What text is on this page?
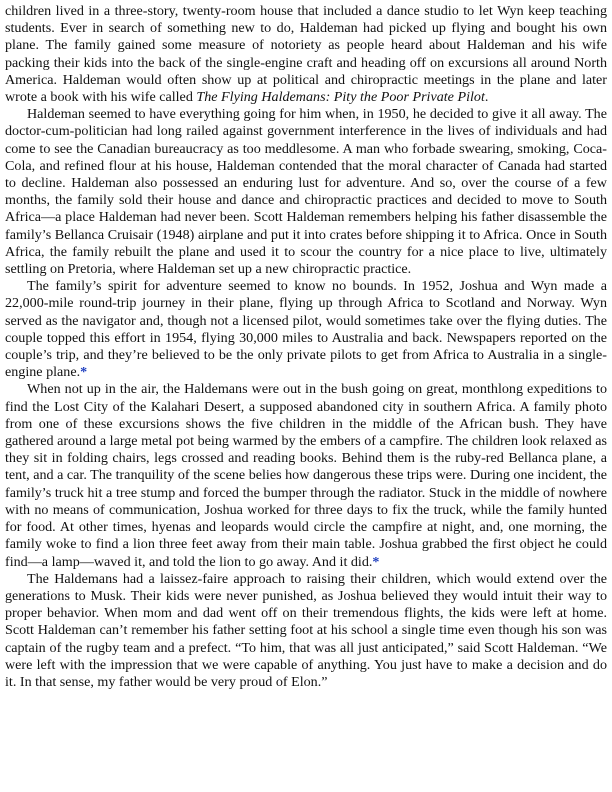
children lived in a three-story, twenty-room house that included a dance studio to let Wyn keep teaching students. Ever in search of something new to do, Haldeman had picked up flying and bought his own plane. The family gained some measure of notoriety as people heard about Haldeman and his wife packing their kids into the back of the single-engine craft and heading off on excursions all around North America. Haldeman would often show up at political and chiropractic meetings in the plane and later wrote a book with his wife called The Flying Haldemans: Pity the Poor Private Pilot.

Haldeman seemed to have everything going for him when, in 1950, he decided to give it all away. The doctor-cum-politician had long railed against government interference in the lives of individuals and had come to see the Canadian bureaucracy as too meddlesome. A man who forbade swearing, smoking, Coca-Cola, and refined flour at his house, Haldeman contended that the moral character of Canada had started to decline. Haldeman also possessed an enduring lust for adventure. And so, over the course of a few months, the family sold their house and dance and chiropractic practices and decided to move to South Africa—a place Haldeman had never been. Scott Haldeman remembers helping his father disassemble the family’s Bellanca Cruisair (1948) airplane and put it into crates before shipping it to Africa. Once in South Africa, the family rebuilt the plane and used it to scour the country for a nice place to live, ultimately settling on Pretoria, where Haldeman set up a new chiropractic practice.

The family’s spirit for adventure seemed to know no bounds. In 1952, Joshua and Wyn made a 22,000-mile round-trip journey in their plane, flying up through Africa to Scotland and Norway. Wyn served as the navigator and, though not a licensed pilot, would sometimes take over the flying duties. The couple topped this effort in 1954, flying 30,000 miles to Australia and back. Newspapers reported on the couple’s trip, and they’re believed to be the only private pilots to get from Africa to Australia in a single-engine plane.*

When not up in the air, the Haldemans were out in the bush going on great, monthlong expeditions to find the Lost City of the Kalahari Desert, a supposed abandoned city in southern Africa. A family photo from one of these excursions shows the five children in the middle of the African bush. They have gathered around a large metal pot being warmed by the embers of a campfire. The children look relaxed as they sit in folding chairs, legs crossed and reading books. Behind them is the ruby-red Bellanca plane, a tent, and a car. The tranquility of the scene belies how dangerous these trips were. During one incident, the family’s truck hit a tree stump and forced the bumper through the radiator. Stuck in the middle of nowhere with no means of communication, Joshua worked for three days to fix the truck, while the family hunted for food. At other times, hyenas and leopards would circle the campfire at night, and, one morning, the family woke to find a lion three feet away from their main table. Joshua grabbed the first object he could find—a lamp—waved it, and told the lion to go away. And it did.*

The Haldemans had a laissez-faire approach to raising their children, which would extend over the generations to Musk. Their kids were never punished, as Joshua believed they would intuit their way to proper behavior. When mom and dad went off on their tremendous flights, the kids were left at home. Scott Haldeman can’t remember his father setting foot at his school a single time even though his son was captain of the rugby team and a prefect. “To him, that was all just anticipated,” said Scott Haldeman. “We were left with the impression that we were capable of anything. You just have to make a decision and do it. In that sense, my father would be very proud of Elon.”
